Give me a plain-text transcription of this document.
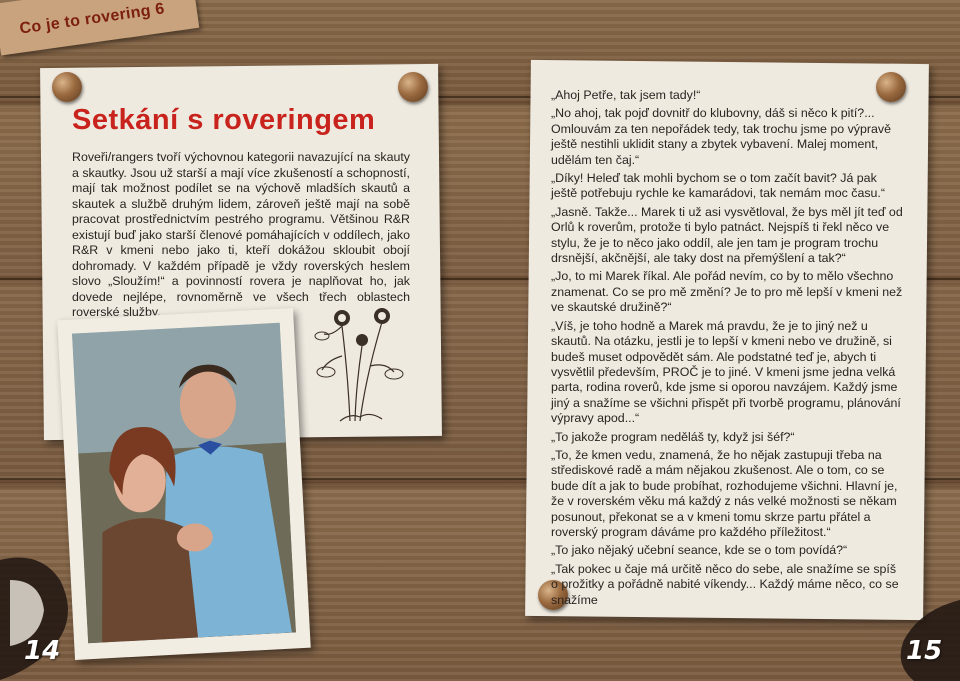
Co je to rovering 6
Setkání s roveringem
Roveři/rangers tvoří výchovnou kategorii navazující na skauty a skautky. Jsou už starší a mají více zkušeností a schopností, mají tak možnost podílet se na výchově mladších skautů a skautek a službě druhým lidem, zároveň ještě mají na sobě pracovat prostřednictvím pestrého programu. Většinou R&R existují buď jako starší členové pomáhajících v oddílech, jako R&R v kmeni nebo jako ti, kteří dokážou skloubit obojí dohromady. V každém případě je vždy roverských heslem slovo „Sloužím!“ a povinností rovera je naplňovat ho, jak dovede nejlépe, rovnoměrně ve všech třech oblastech roverské služby.

„Ahoj Petře, tak jsem tady!“

„No ahoj, tak pojď dovnitř do klubovny, dáš si něco k pití?... Omlouvám za ten nepořádek tedy, tak trochu jsme po výpravě ještě nestihli uklidit stany a zbytek vybavení. Malej moment, udělám ten čaj.“

„Díky! Heleď tak mohli bychom se o tom začít bavit? Já pak ještě potřebuju rychle ke kamarádovi, tak nemám moc času.“

„Jasně. Takže... Marek ti už asi vysvětloval, že bys měl jít teď od Orlů k roverům, protože ti bylo patnáct. Nejspíš ti řekl něco ve stylu, že je to něco jako oddíl, ale jen tam je program trochu drsnější, akčnější, ale taky dost na přemýšlení a tak?“

„Jo, to mi Marek říkal. Ale pořád nevím, co by to mělo všechno znamenat. Co se pro mě změní? Je to pro mě lepší v kmeni než ve skautské družině?“

„Víš, je toho hodně a Marek má pravdu, že je to jiný než u skautů. Na otázku, jestli je to lepší v kmeni nebo ve družině, si budeš muset odpovědět sám. Ale podstatné teď je, abych ti vysvětlil především, PROČ je to jiné. V kmeni jsme jedna velká parta, rodina roverů, kde jsme si oporou navzájem. Každý jsme jiný a snažíme se všichni přispět při tvorbě programu, plánování výpravy apod...“

„To jakože program neděláš ty, když jsi šéf?“

„To, že kmen vedu, znamená, že ho nějak zastupuji třeba na střediskové radě a mám nějakou zkušenost. Ale o tom, co se bude dít a jak to bude probíhat, rozhodujeme všichni. Hlavní je, že v roverském věku má každý z nás velké možnosti se někam posunout, překonat se a v kmeni tomu skrze partu přátel a roverský program dáváme pro každého příležitost.“

„To jako nějaký učební seance, kde se o tom povídá?“

„Tak pokec u čaje má určitě něco do sebe, ale snažíme se spíš o prožitky a pořádně nabité víkendy... Každý máme něco, co se snažíme

14	15
